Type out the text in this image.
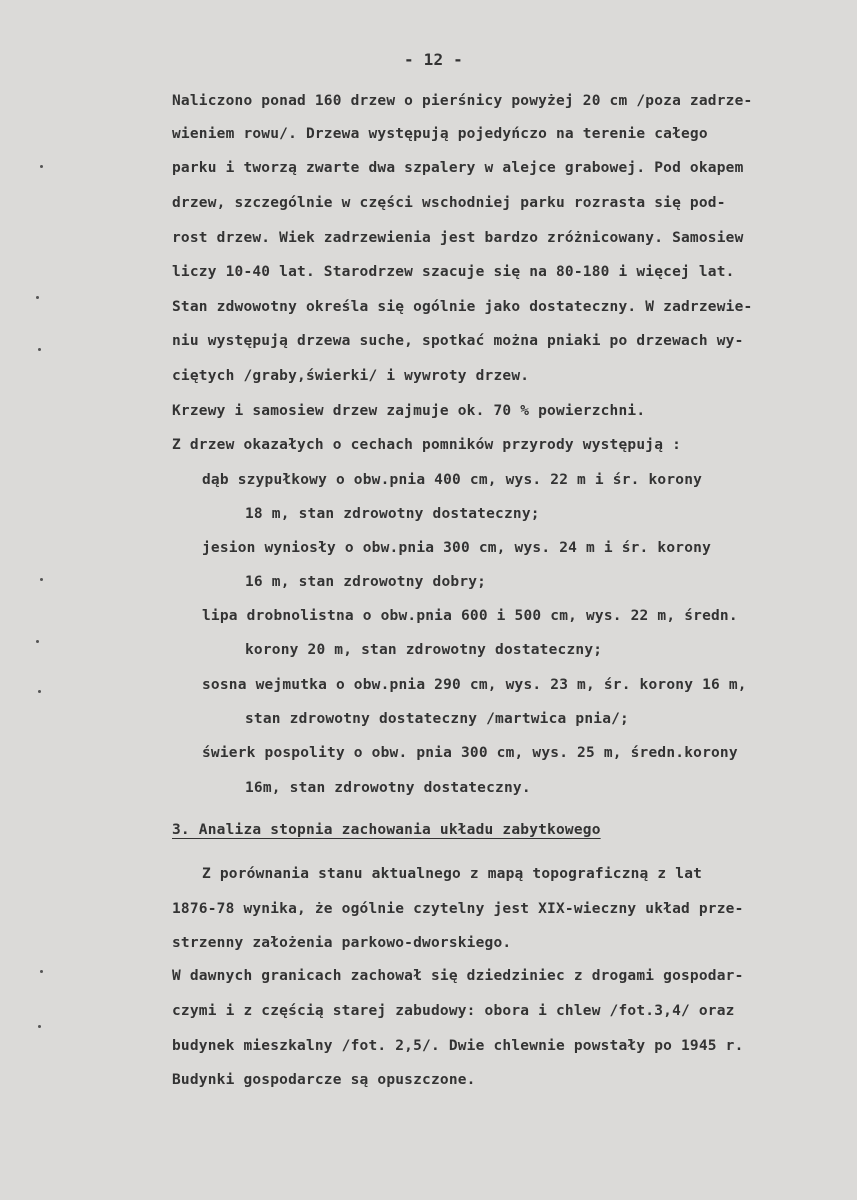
- 12 -
Naliczono ponad 160 drzew o pierśnicy powyżej 20 cm /poza zadrze-
wieniem rowu/. Drzewa występują pojedyńczo na terenie całego
parku i tworzą zwarte dwa szpalery w alejce grabowej. Pod okapem
drzew, szczególnie w części wschodniej parku rozrasta się pod-
rost drzew. Wiek zadrzewienia jest bardzo zróżnicowany. Samosiew
liczy 10-40 lat. Starodrzew szacuje się na 80-180 i więcej lat.
Stan zdwowotny określa się ogólnie jako dostateczny. W zadrzewie-
niu występują drzewa suche, spotkać można pniaki po drzewach wy-
ciętych /graby,świerki/ i wywroty drzew.
Krzewy i samosiew drzew zajmuje ok. 70 % powierzchni.
Z drzew okazałych o cechach pomników przyrody występują :
dąb szypułkowy o obw.pnia 400 cm, wys. 22 m i śr. korony
18 m, stan zdrowotny dostateczny;
jesion wyniosły o obw.pnia 300 cm, wys. 24 m i śr. korony
16 m, stan zdrowotny dobry;
lipa drobnolistna o obw.pnia 600 i 500 cm, wys. 22 m, średn.
korony 20 m, stan zdrowotny dostateczny;
sosna wejmutka o obw.pnia 290 cm, wys. 23 m, śr. korony 16 m,
stan zdrowotny dostateczny /martwica pnia/;
świerk pospolity o obw. pnia 300 cm, wys. 25 m, średn.korony
16m, stan zdrowotny dostateczny.
3. Analiza stopnia zachowania układu zabytkowego
Z porównania stanu aktualnego z mapą topograficzną z lat
1876-78 wynika, że ogólnie czytelny jest XIX-wieczny układ prze-
strzenny założenia parkowo-dworskiego.
W dawnych granicach zachował się dziedziniec z drogami gospodar-
czymi i z częścią starej zabudowy: obora i chlew /fot.3,4/ oraz
budynek mieszkalny /fot. 2,5/. Dwie chlewnie powstały po 1945 r.
Budynki gospodarcze są opuszczone.
